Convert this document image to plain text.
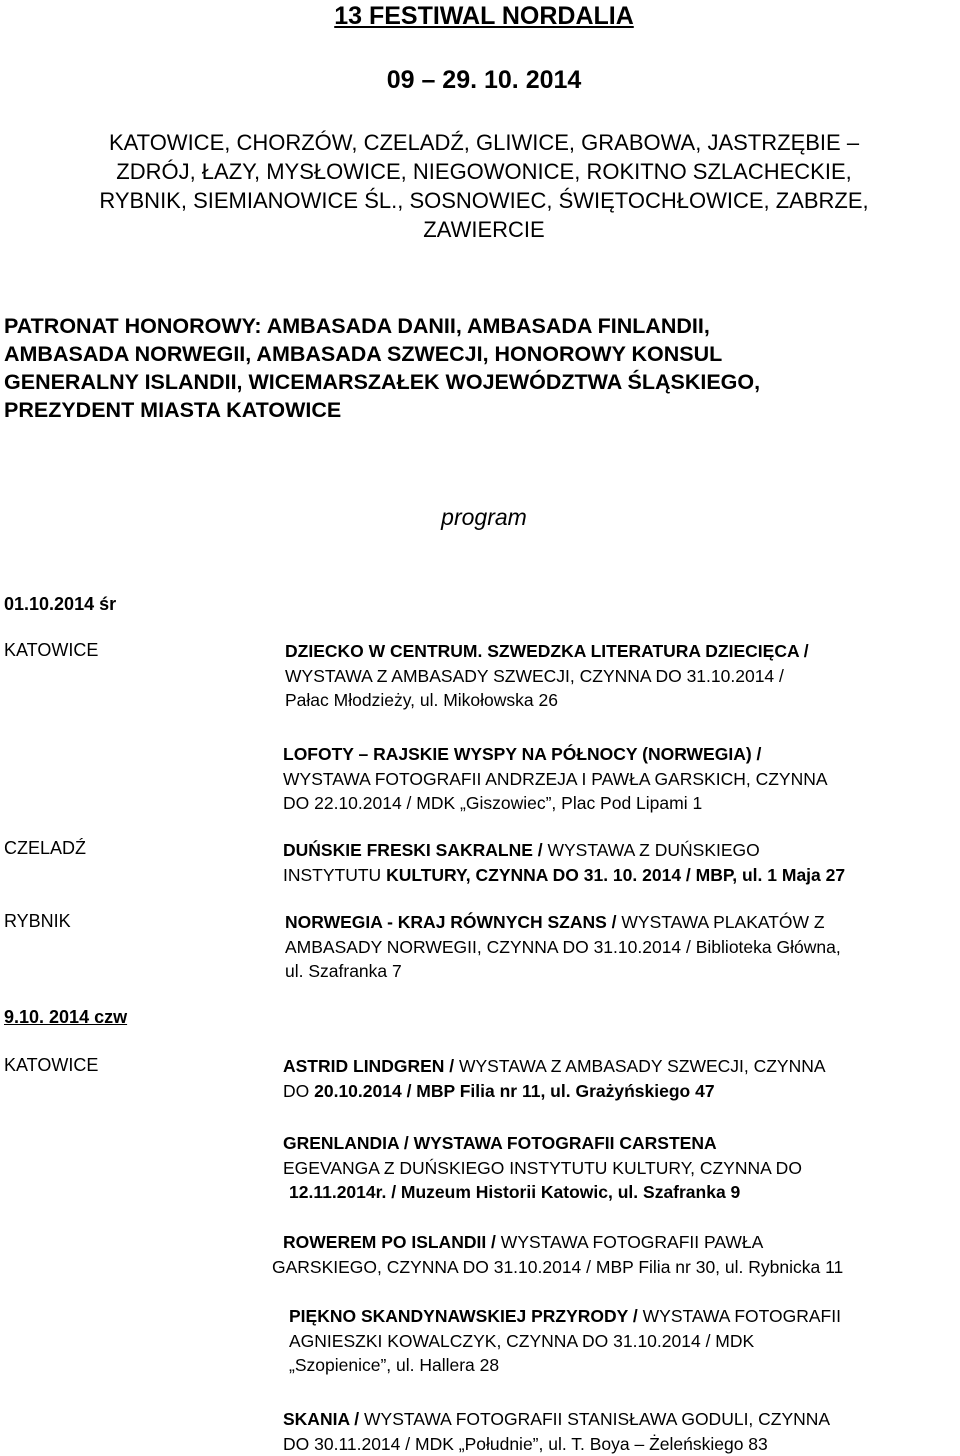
13 FESTIWAL NORDALIA
09 – 29. 10. 2014
KATOWICE, CHORZÓW, CZELADŹ, GLIWICE, GRABOWA, JASTRZĘBIE –
ZDRÓJ, ŁAZY, MYSŁOWICE, NIEGOWONICE, ROKITNO SZLACHECKIE,
RYBNIK, SIEMIANOWICE ŚL., SOSNOWIEC, ŚWIĘTOCHŁOWICE, ZABRZE,
ZAWIERCIE
PATRONAT HONOROWY: AMBASADA DANII, AMBASADA FINLANDII,
AMBASADA NORWEGII, AMBASADA SZWECJI, HONOROWY KONSUL
GENERALNY ISLANDII, WICEMARSZAŁEK WOJEWÓDZTWA ŚLĄSKIEGO,
PREZYDENT MIASTA KATOWICE
program
01.10.2014 śr
KATOWICE	DZIECKO W CENTRUM. SZWEDZKA LITERATURA DZIECIĘCA /
WYSTAWA Z AMBASADY SZWECJI, CZYNNA DO 31.10.2014 /
Pałac Młodzieży, ul. Mikołowska 26
LOFOTY – RAJSKIE WYSPY NA PÓŁNOCY (NORWEGIA) /
WYSTAWA FOTOGRAFII ANDRZEJA I PAWŁA GARSKICH, CZYNNA
DO 22.10.2014 / MDK „Giszowiec”, Plac Pod Lipami 1
CZELADŹ	DUŃSKIE FRESKI SAKRALNE / WYSTAWA Z DUŃSKIEGO
INSTYTUTU KULTURY, CZYNNA DO 31. 10. 2014 / MBP, ul. 1 Maja 27
RYBNIK	NORWEGIA - KRAJ RÓWNYCH SZANS / WYSTAWA PLAKATÓW Z
AMBASADY NORWEGII, CZYNNA DO 31.10.2014 / Biblioteka Główna,
ul. Szafranka 7
9.10. 2014 czw
KATOWICE	ASTRID LINDGREN / WYSTAWA Z AMBASADY SZWECJI, CZYNNA
DO 20.10.2014 / MBP Filia nr 11, ul. Grażyńskiego 47
GRENLANDIA / WYSTAWA FOTOGRAFII CARSTENA
EGEVANGA Z DUŃSKIEGO INSTYTUTU KULTURY, CZYNNA DO
12.11.2014r. / Muzeum Historii Katowic, ul. Szafranka 9
ROWEREM PO ISLANDII / WYSTAWA FOTOGRAFII PAWŁA
GARSKIEGO, CZYNNA DO 31.10.2014 / MBP Filia nr 30, ul. Rybnicka 11
PIĘKNO SKANDYNAWSKIEJ PRZYRODY / WYSTAWA FOTOGRAFII
AGNIESZKI KOWALCZYK, CZYNNA DO 31.10.2014 / MDK
„Szopienice”, ul. Hallera 28
SKANIA / WYSTAWA FOTOGRAFII STANISŁAWA GODULI, CZYNNA
DO 30.11.2014 / MDK „Południe”, ul. T. Boya – Żeleńskiego 83
